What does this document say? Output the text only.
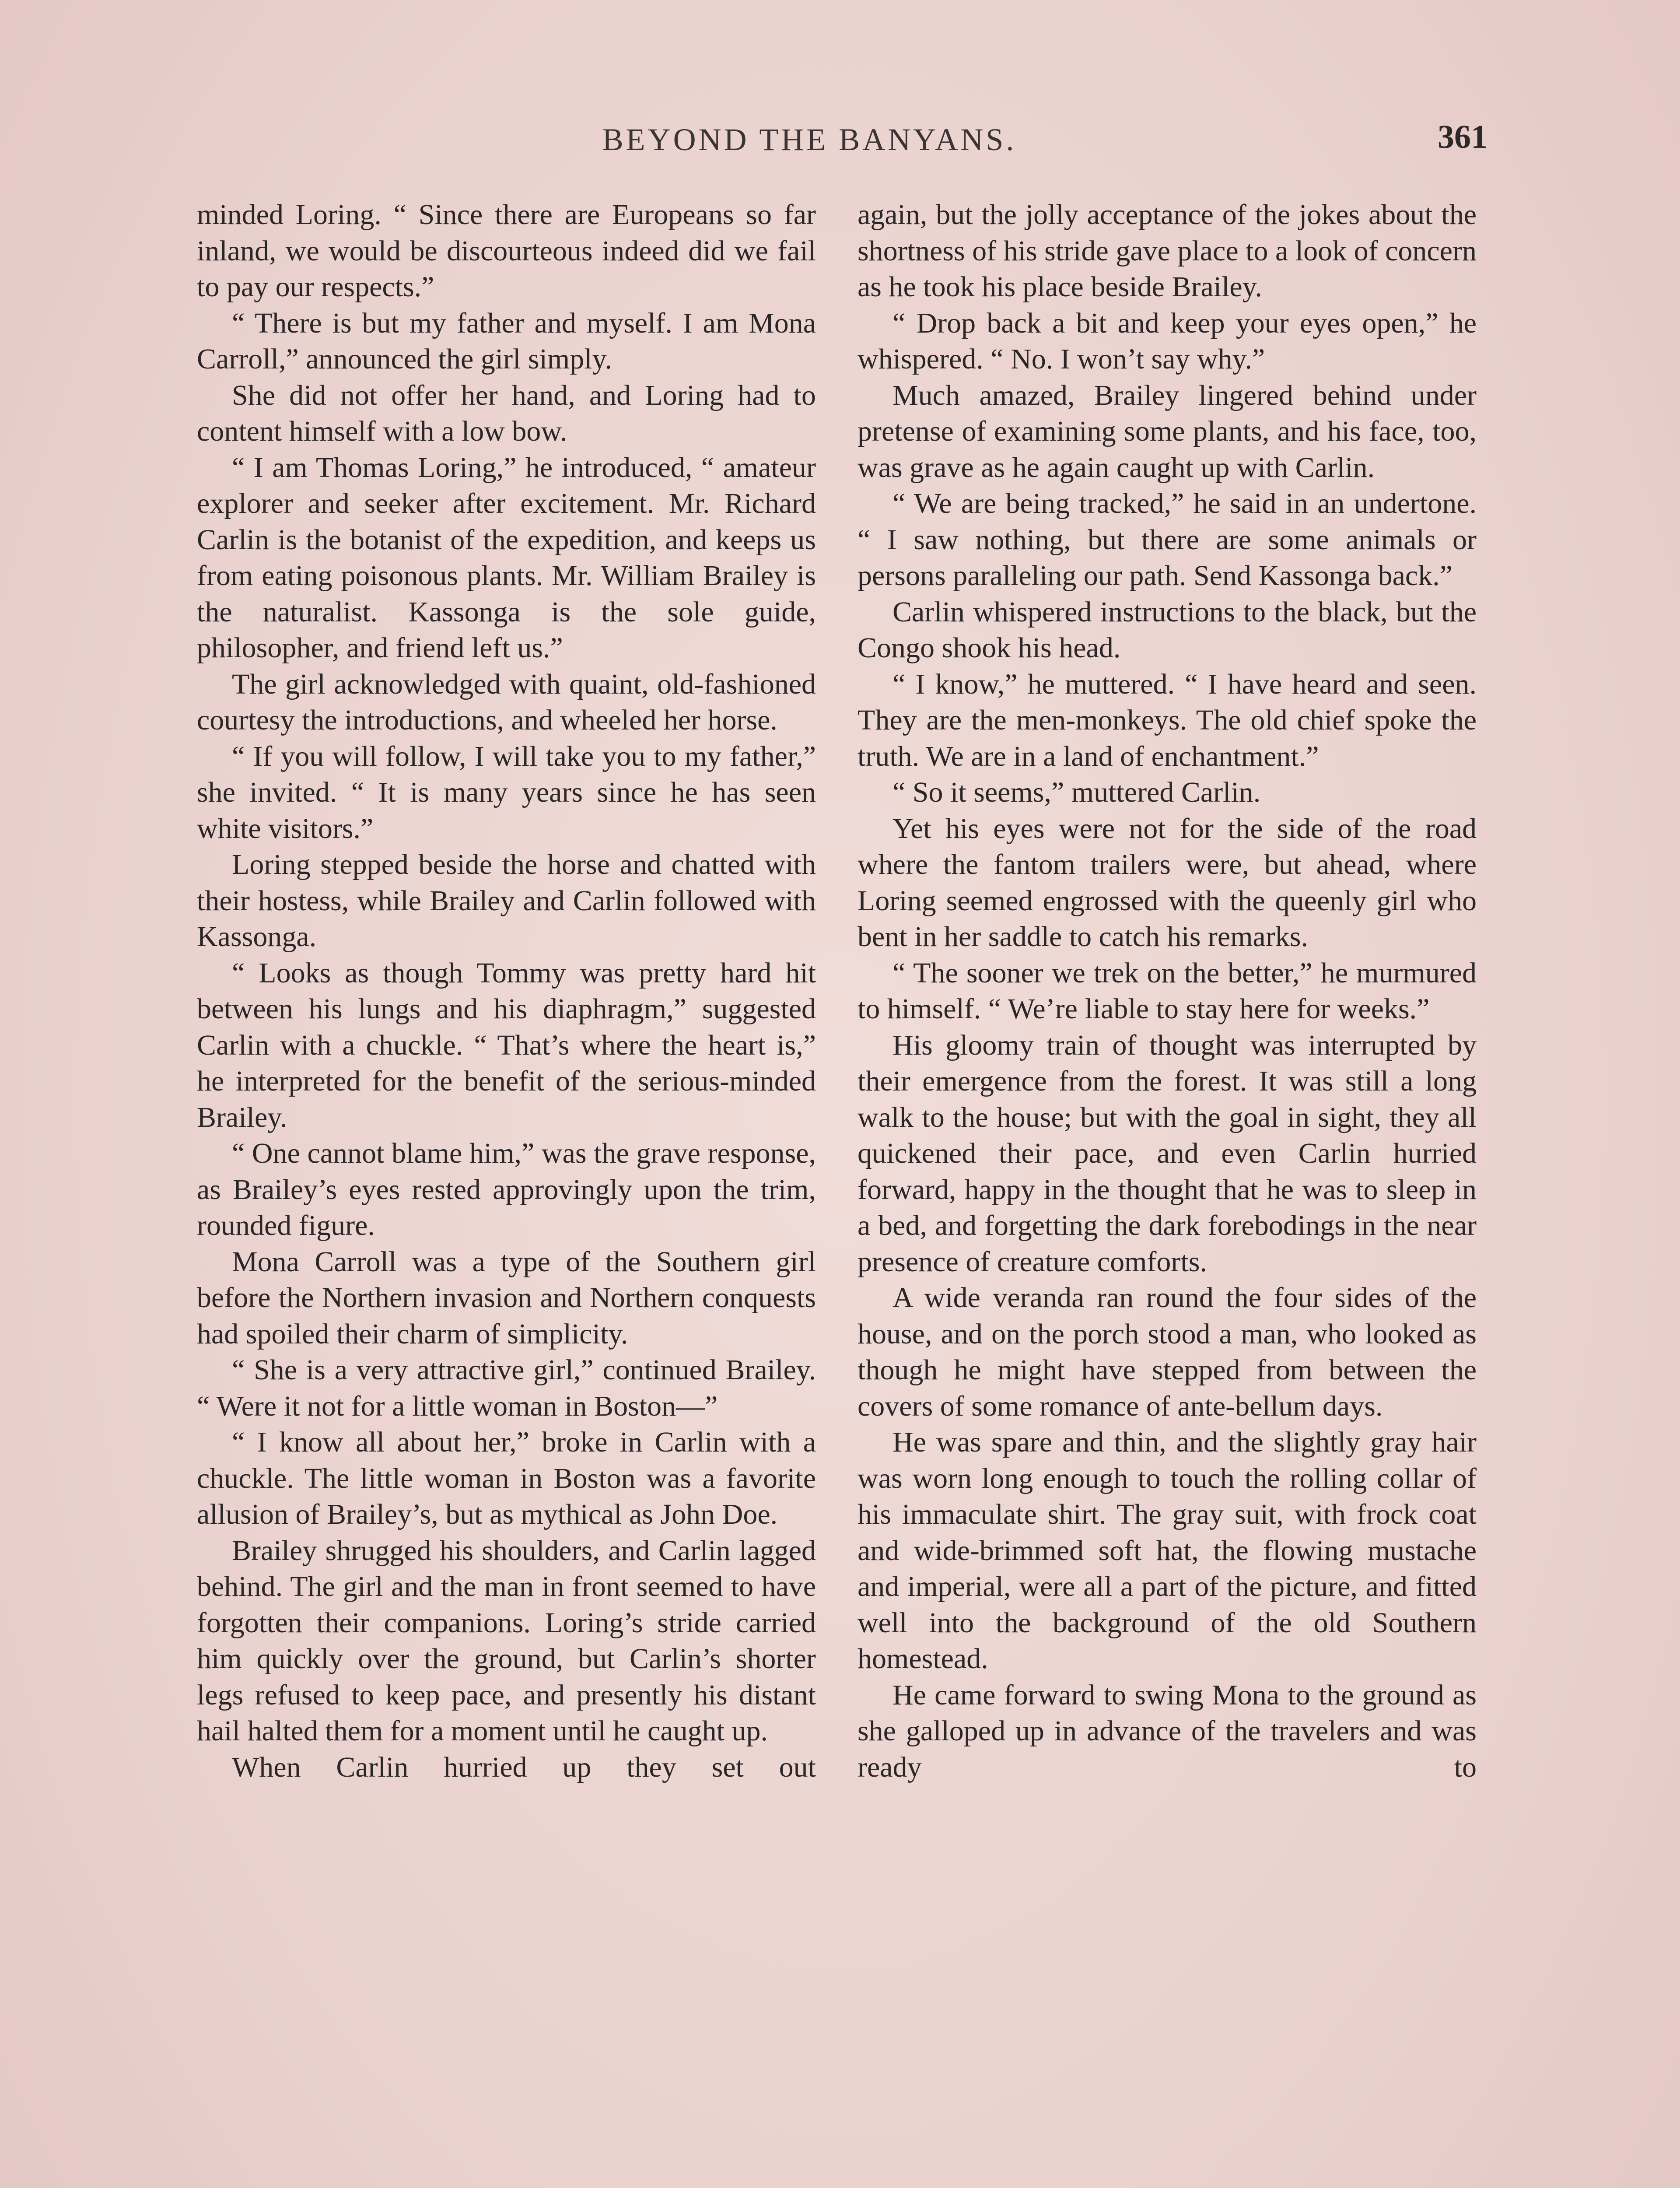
BEYOND THE BANYANS.	361

minded Loring. “ Since there are Europeans so far inland, we would be discourteous indeed did we fail to pay our respects.”

“ There is but my father and myself. I am Mona Carroll,” announced the girl simply.

She did not offer her hand, and Loring had to content himself with a low bow.

“ I am Thomas Loring,” he introduced, “ amateur explorer and seeker after excitement. Mr. Richard Carlin is the botanist of the expedition, and keeps us from eating poisonous plants. Mr. William Brailey is the naturalist. Kassonga is the sole guide, philosopher, and friend left us.”

The girl acknowledged with quaint, old-fashioned courtesy the introductions, and wheeled her horse.

“ If you will follow, I will take you to my father,” she invited. “ It is many years since he has seen white visitors.”

Loring stepped beside the horse and chatted with their hostess, while Brailey and Carlin followed with Kassonga.

“ Looks as though Tommy was pretty hard hit between his lungs and his diaphragm,” suggested Carlin with a chuckle. “ That’s where the heart is,” he interpreted for the benefit of the serious-minded Brailey.

“ One cannot blame him,” was the grave response, as Brailey’s eyes rested approvingly upon the trim, rounded figure.

Mona Carroll was a type of the Southern girl before the Northern invasion and Northern conquests had spoiled their charm of simplicity.

“ She is a very attractive girl,” continued Brailey. “ Were it not for a little woman in Boston—”

“ I know all about her,” broke in Carlin with a chuckle. The little woman in Boston was a favorite allusion of Brailey’s, but as mythical as John Doe.

Brailey shrugged his shoulders, and Carlin lagged behind. The girl and the man in front seemed to have forgotten their companions. Loring’s stride carried him quickly over the ground, but Carlin’s shorter legs refused to keep pace, and presently his distant hail halted them for a moment until he caught up.

When Carlin hurried up they set out

again, but the jolly acceptance of the jokes about the shortness of his stride gave place to a look of concern as he took his place beside Brailey.

“ Drop back a bit and keep your eyes open,” he whispered. “ No. I won’t say why.”

Much amazed, Brailey lingered behind under pretense of examining some plants, and his face, too, was grave as he again caught up with Carlin.

“ We are being tracked,” he said in an undertone. “ I saw nothing, but there are some animals or persons paralleling our path. Send Kassonga back.”

Carlin whispered instructions to the black, but the Congo shook his head.

“ I know,” he muttered. “ I have heard and seen. They are the men-monkeys. The old chief spoke the truth. We are in a land of enchantment.”

“ So it seems,” muttered Carlin.

Yet his eyes were not for the side of the road where the fantom trailers were, but ahead, where Loring seemed engrossed with the queenly girl who bent in her saddle to catch his remarks.

“ The sooner we trek on the better,” he murmured to himself. “ We’re liable to stay here for weeks.”

His gloomy train of thought was interrupted by their emergence from the forest. It was still a long walk to the house; but with the goal in sight, they all quickened their pace, and even Carlin hurried forward, happy in the thought that he was to sleep in a bed, and forgetting the dark forebodings in the near presence of creature comforts.

A wide veranda ran round the four sides of the house, and on the porch stood a man, who looked as though he might have stepped from between the covers of some romance of ante-bellum days.

He was spare and thin, and the slightly gray hair was worn long enough to touch the rolling collar of his immaculate shirt. The gray suit, with frock coat and wide-brimmed soft hat, the flowing mustache and imperial, were all a part of the picture, and fitted well into the background of the old Southern homestead.

He came forward to swing Mona to the ground as she galloped up in advance of the travelers and was ready to
